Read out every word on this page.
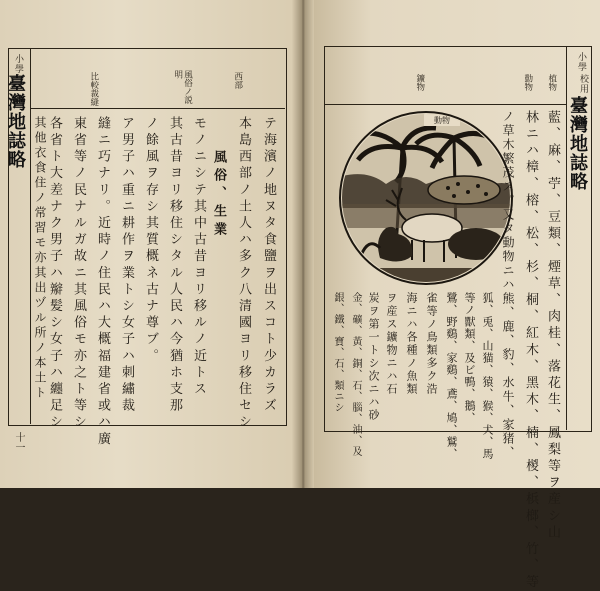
小學
臺灣地誌略
十一
比較裁縫	風俗ノ説明	西部
テ海濱ノ地ヌタ食鹽ヲ出スコト少カラズ
本島西部ノ土人ハ多ク八清國ヨリ移住セシ
モノニシテ其中古昔ヨリ移ルノ近トス 風俗、生業
其古昔ヨリ移住シタル人民ハ今猶ホ支那
ノ餘風ヲ存シ其質概ネ古ナ尊ブ。
ア男子ハ重ニ耕作ヲ業トシ女子ハ刺繡裁
縫ニ巧ナリ。近時ノ住民ハ大概福建省或ハ廣
東省等ノ民ナルガ故ニ其風俗モ亦之ト等シ
各省ト大差ナク男子ハ辮髪シ女子ハ纏足シ
其他衣食住ノ常習モ亦其出ヅル所ノ本土ト
小學
校用
臺灣地誌略
植物
動物
鑛物
動物	藍、麻、苧、豆類、煙草、肉桂、落花生、鳳梨等ヲ産シ山
林ニハ樟、榕、松、杉、桐、紅木、黑木、楠、椶、梹榔、竹、等
ノ草木繁茂ス。又タ動物ニハ熊、鹿、豹、水牛、家猪、
狐、兎、山猫、猿、猴、犬、馬
等ノ獸類、及ビ鴨、鵝、
鷺、野鷄、家鷄、鳶、鳩、鷲、
雀等ノ鳥類多ク浩
海ニハ各種ノ魚類
ヲ産ス鑛物ニハ石
炭ヲ第一トシ次ニハ砂
金、礦、黃、銅、石、腦、油、及
銀、鐵、寶、石、類ニシ
